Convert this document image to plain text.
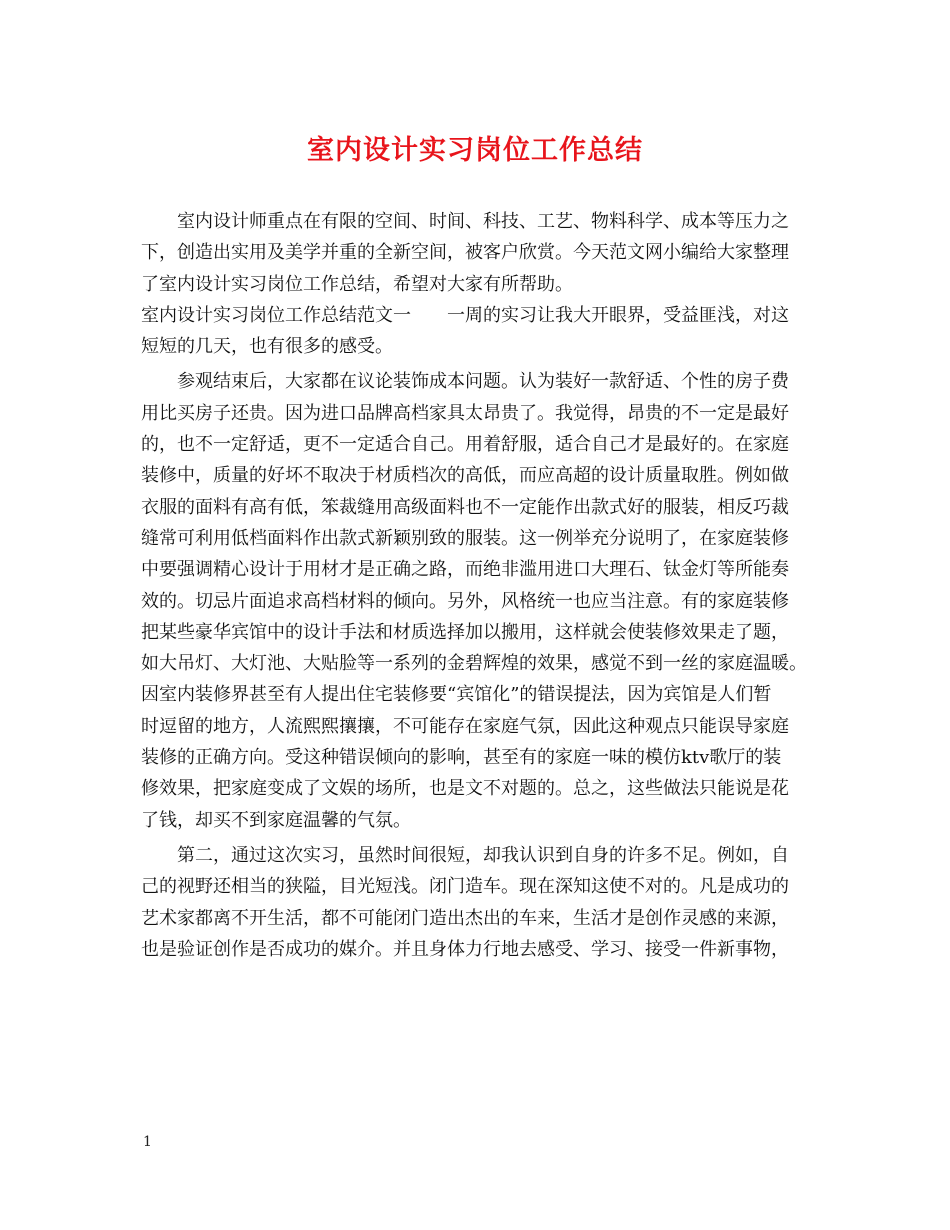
室内设计实习岗位工作总结

室内设计师重点在有限的空间、时间、科技、工艺、物料科学、成本等压力之
下，创造出实用及美学并重的全新空间，被客户欣赏。今天范文网小编给大家整理
了室内设计实习岗位工作总结，希望对大家有所帮助。

室内设计实习岗位工作总结范文一　　一周的实习让我大开眼界，受益匪浅，对这
短短的几天，也有很多的感受。

参观结束后，大家都在议论装饰成本问题。认为装好一款舒适、个性的房子费
用比买房子还贵。因为进口品牌高档家具太昂贵了。我觉得，昂贵的不一定是最好
的，也不一定舒适，更不一定适合自己。用着舒服，适合自己才是最好的。在家庭
装修中，质量的好坏不取决于材质档次的高低，而应高超的设计质量取胜。例如做
衣服的面料有高有低，笨裁缝用高级面料也不一定能作出款式好的服装，相反巧裁
缝常可利用低档面料作出款式新颖别致的服装。这一例举充分说明了，在家庭装修
中要强调精心设计于用材才是正确之路，而绝非滥用进口大理石、钛金灯等所能奏
效的。切忌片面追求高档材料的倾向。另外，风格统一也应当注意。有的家庭装修
把某些豪华宾馆中的设计手法和材质选择加以搬用，这样就会使装修效果走了题，
如大吊灯、大灯池、大贴脸等一系列的金碧辉煌的效果，感觉不到一丝的家庭温暖。
因室内装修界甚至有人提出住宅装修要“宾馆化”的错误提法，因为宾馆是人们暂
时逗留的地方，人流熙熙攘攘，不可能存在家庭气氛，因此这种观点只能误导家庭
装修的正确方向。受这种错误倾向的影响，甚至有的家庭一味的模仿ktv歌厅的装
修效果，把家庭变成了文娱的场所，也是文不对题的。总之，这些做法只能说是花
了钱，却买不到家庭温馨的气氛。

第二，通过这次实习，虽然时间很短，却我认识到自身的许多不足。例如，自
己的视野还相当的狭隘，目光短浅。闭门造车。现在深知这使不对的。凡是成功的
艺术家都离不开生活，都不可能闭门造出杰出的车来，生活才是创作灵感的来源，
也是验证创作是否成功的媒介。并且身体力行地去感受、学习、接受一件新事物，

1
